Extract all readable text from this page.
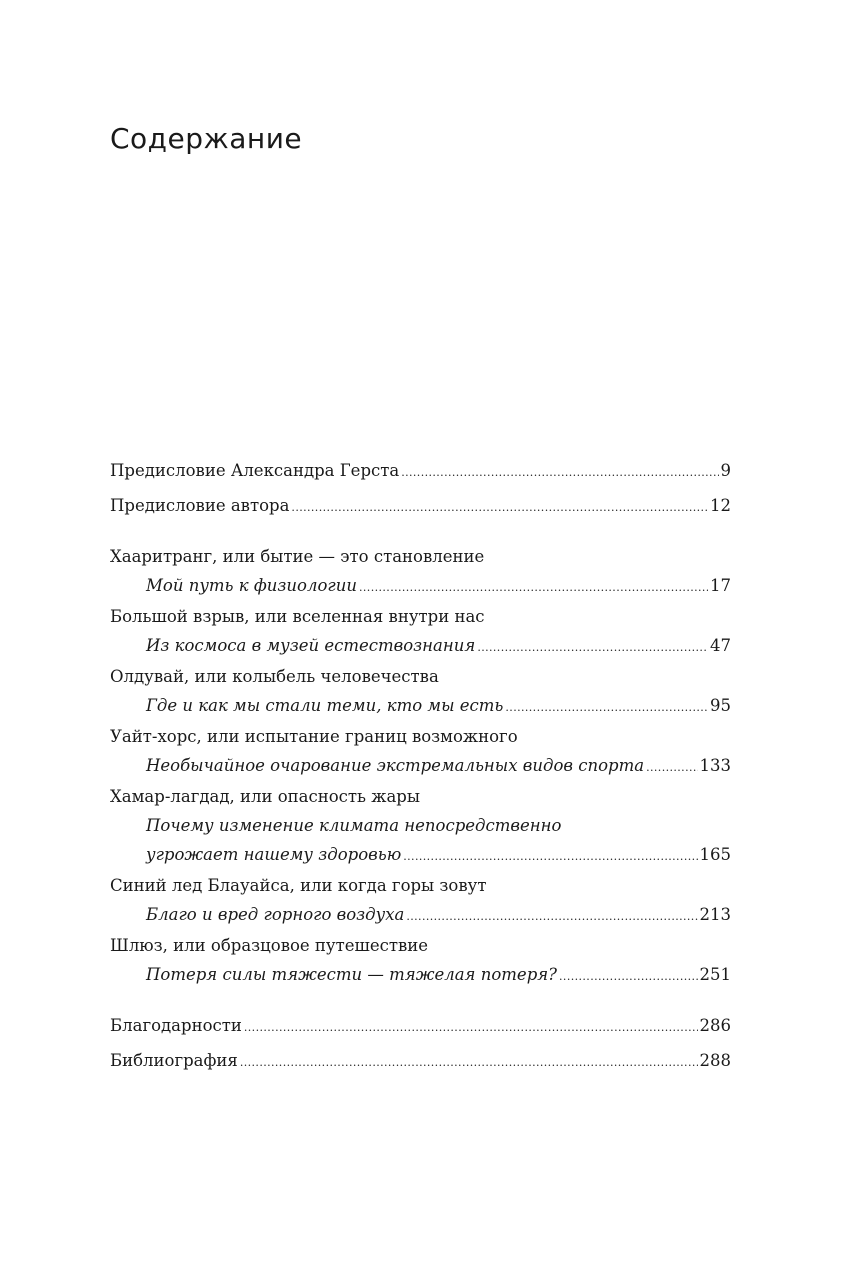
Содержание
Предисловие Александра Герста .....	9
Предисловие автора .....	12
Хааритранг, или бытие — это становление
Мой путь к физиологии .....	17
Большой взрыв, или вселенная внутри нас
Из космоса в музей естествознания .....	47
Олдувай, или колыбель человечества
Где и как мы стали теми, кто мы есть .....	95
Уайт-хорс, или испытание границ возможного
Необычайное очарование экстремальных видов спорта .....	133
Хамар-лагдад, или опасность жары
Почему изменение климата непосредственно
угрожает нашему здоровью .....	165
Синий лед Блауайса, или когда горы зовут
Благо и вред горного воздуха .....	213
Шлюз, или образцовое путешествие
Потеря силы тяжести — тяжелая потеря? .....	251
Благодарности .....	286
Библиография .....	288
